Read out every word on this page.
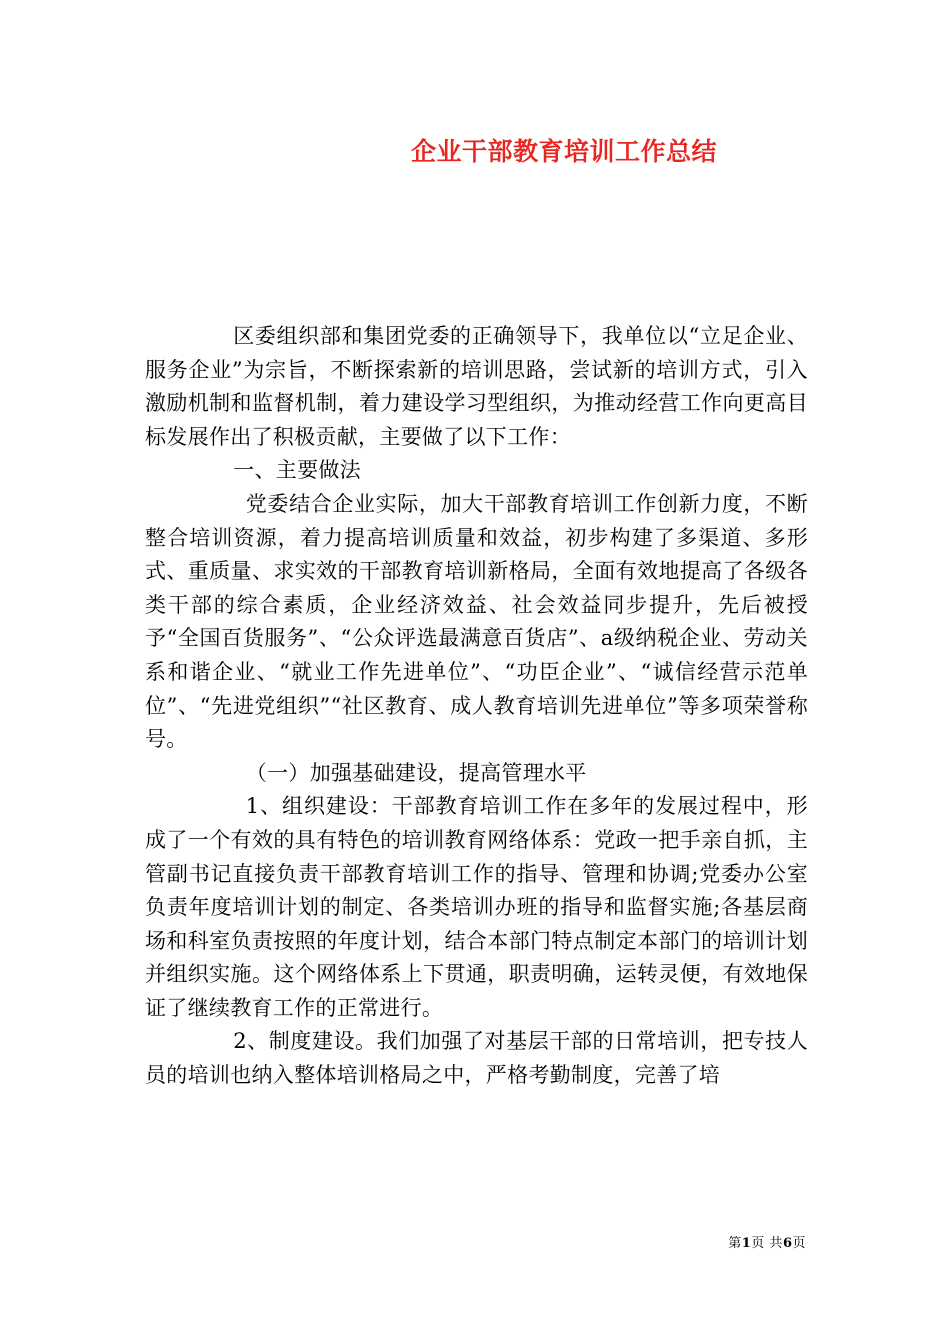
企业干部教育培训工作总结

区委组织部和集团党委的正确领导下，我单位以“立足企业、服务企业”为宗旨，不断探索新的培训思路，尝试新的培训方式，引入激励机制和监督机制，着力建设学习型组织，为推动经营工作向更高目标发展作出了积极贡献，主要做了以下工作：

一、主要做法

党委结合企业实际，加大干部教育培训工作创新力度，不断整合培训资源，着力提高培训质量和效益，初步构建了多渠道、多形式、重质量、求实效的干部教育培训新格局，全面有效地提高了各级各类干部的综合素质，企业经济效益、社会效益同步提升，先后被授予“全国百货服务”、“公众评选最满意百货店”、a级纳税企业、劳动关系和谐企业、“就业工作先进单位”、“功臣企业”、“诚信经营示范单位”、“先进党组织”“社区教育、成人教育培训先进单位”等多项荣誉称号。

（一）加强基础建设，提高管理水平

1、组织建设：干部教育培训工作在多年的发展过程中，形成了一个有效的具有特色的培训教育网络体系：党政一把手亲自抓，主管副书记直接负责干部教育培训工作的指导、管理和协调;党委办公室负责年度培训计划的制定、各类培训办班的指导和监督实施;各基层商场和科室负责按照的年度计划，结合本部门特点制定本部门的培训计划并组织实施。这个网络体系上下贯通，职责明确，运转灵便，有效地保证了继续教育工作的正常进行。

2、制度建设。我们加强了对基层干部的日常培训，把专技人员的培训也纳入整体培训格局之中，严格考勤制度，完善了培

第1页 共6页
